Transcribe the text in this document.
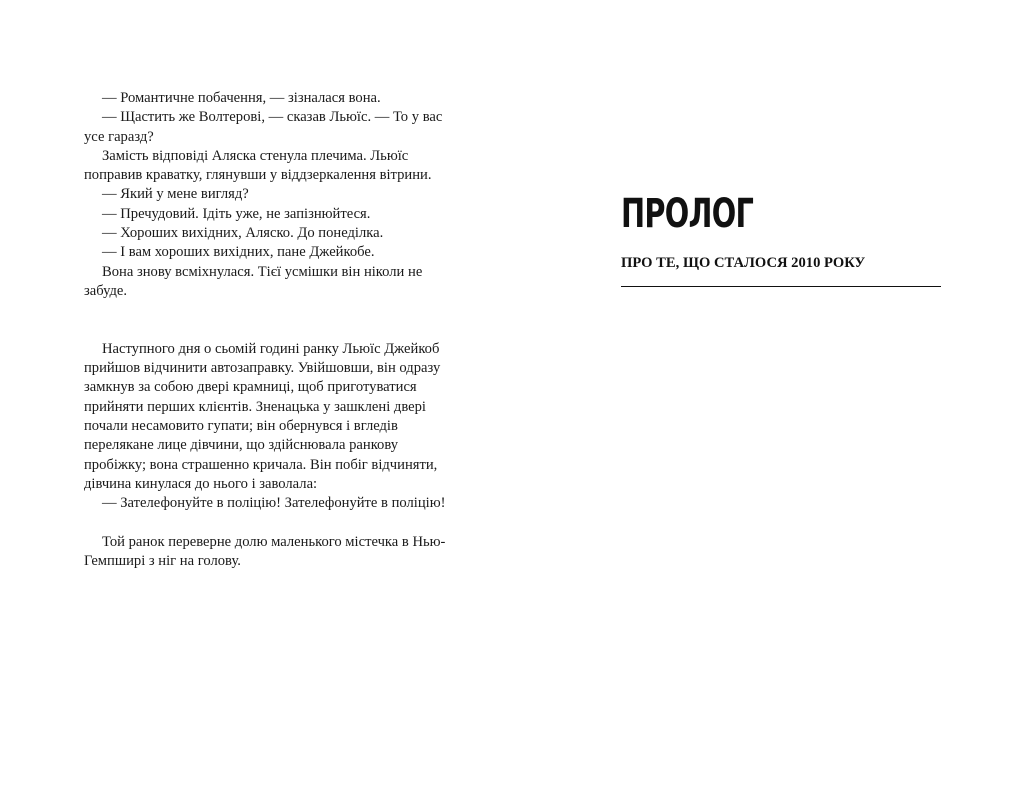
— Романтичне побачення, — зізналася вона.

— Щастить же Волтерові, — сказав Льюїс. — То у вас усе гаразд?

Замість відповіді Аляска стенула плечима. Льюїс поправив краватку, глянувши у віддзеркалення вітрини.

— Який у мене вигляд?

— Пречудовий. Ідіть уже, не запізнюйтеся.

— Хороших вихідних, Аляско. До понеділка.

— І вам хороших вихідних, пане Джейкобе.

Вона знову всміхнулася. Тієї усмішки він ніколи не забуде.

Наступного дня о сьомій годині ранку Льюїс Джейкоб прийшов відчинити автозаправку. Увійшовши, він одразу замкнув за собою двері крамниці, щоб приготуватися прийняти перших клієнтів. Зненацька у зашклені двері почали несамовито гупати; він обернувся і вгледів перелякане лице дівчини, що здійснювала ранкову пробіжку; вона страшенно кричала. Він побіг відчиняти, дівчина кинулася до нього і заволала:

— Зателефонуйте в поліцію! Зателефонуйте в поліцію!

Той ранок переверне долю маленького містечка в Нью-Гемпширі з ніг на голову.

ПРОЛОГ
ПРО ТЕ, ЩО СТАЛОСЯ 2010 РОКУ
